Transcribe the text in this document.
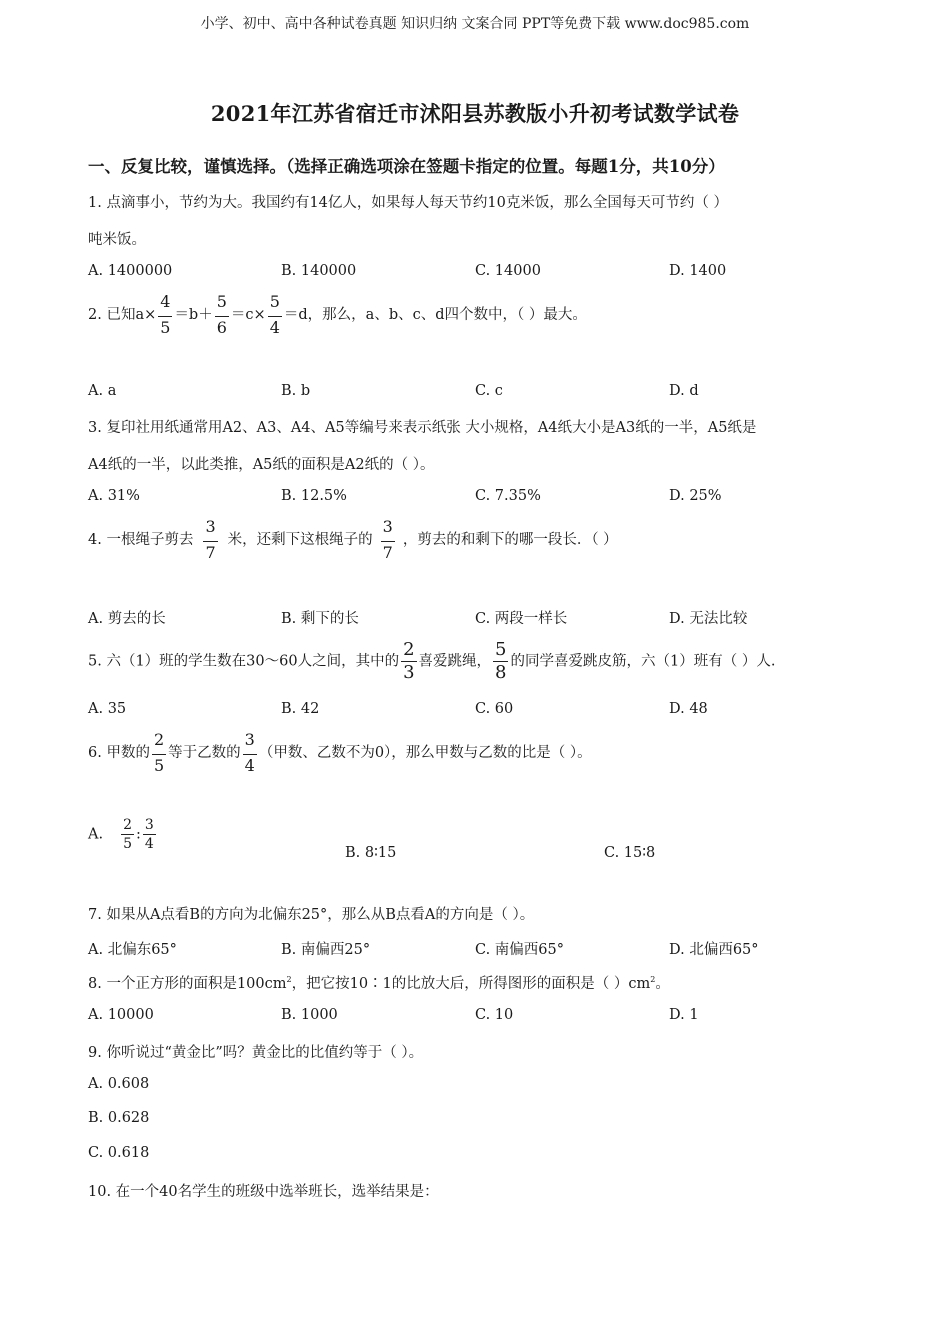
小学、初中、高中各种试卷真题 知识归纳 文案合同 PPT等免费下载 www.doc985.com
2021年江苏省宿迁市沭阳县苏教版小升初考试数学试卷
一、反复比较，谨慎选择。（选择正确选项涂在签题卡指定的位置。每题1分，共10分）
1. 点滴事小，节约为大。我国约有14亿人，如果每人每天节约10克米饭，那么全国每天可节约（ ）
吨米饭。
A. 1400000	B. 140000	C. 14000	D. 1400
2. 已知$a\times \frac{4}{5} =b+ \frac{5}{6} =c\times \frac{5}{4} =d$，那么，a、b、c、d四个数中，（ ）最大。
A. a	B. b	C. c	D. d
3. 复印社用纸通常用A2、A3、A4、A5等编号来表示纸张 大小规格，A4纸大小是A3纸的一半，A5纸是
A4纸的一半，以此类推，A5纸的面积是A2纸的（ ）。
A. 31%	B. 12.5%	C. 7.35%	D. 25%
4. 一根绳子剪去 $\frac{3}{7}$ 米，还剩下这根绳子的 $\frac{3}{7}$ ，剪去的和剩下的哪一段长．（ ）
A. 剪去的长	B. 剩下的长	C. 两段一样长	D. 无法比较
5. 六（1）班的学生数在30～60人之间，其中的 $\frac{2}{3}$ 喜爱跳绳， $\frac{5}{8}$ 的同学喜爱跳皮筋，六（1）班有（ ）人.
A. 35	B. 42	C. 60	D. 48
6. 甲数的 $\frac{2}{5}$ 等于乙数的 $\frac{3}{4}$ （甲数、乙数不为0），那么甲数与乙数的比是（ ）。
A. $\frac{2}{5}$ : $\frac{3}{4}$
B. 8∶15	C. 15∶8
7. 如果从A点看B的方向为北偏东25°，那么从B点看A的方向是（ ）。
A. 北偏东65°	B. 南偏西25°	C. 南偏西65°	D. 北偏西65°
8. 一个正方形的面积是$100cm^2$，把它按10∶1的比放大后，所得图形的面积是（ ）$cm^2$。
A. 10000	B. 1000	C. 10	D. 1
9. 你听说过“黄金比”吗？黄金比的比值约等于（ ）。
A. 0.608
B. 0.628
C. 0.618
10. 在一个40名学生的班级中选举班长，选举结果是：
